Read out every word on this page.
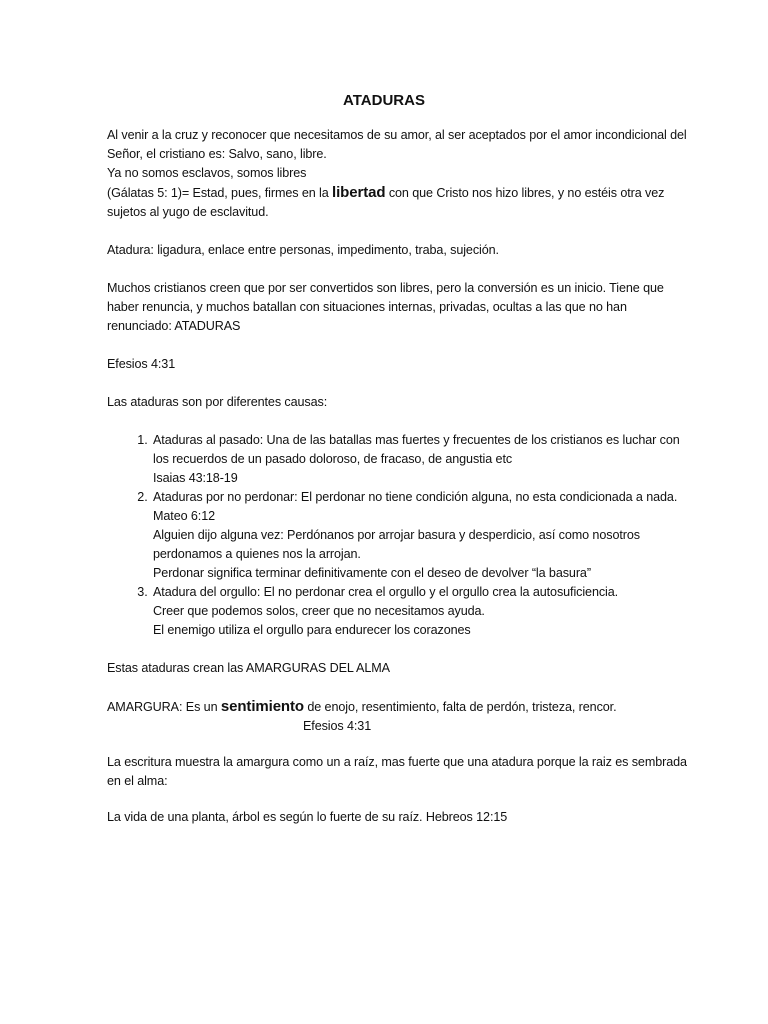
ATADURAS

Al venir a la cruz y reconocer que necesitamos de su amor, al ser aceptados por el amor incondicional del Señor, el cristiano es: Salvo, sano, libre.

Ya no somos esclavos, somos libres

(Gálatas 5: 1)= Estad, pues, firmes en la libertad con que Cristo nos hizo libres, y no estéis otra vez sujetos al yugo de esclavitud.

Atadura: ligadura, enlace entre personas, impedimento, traba, sujeción.

Muchos cristianos creen que por ser convertidos son libres, pero la conversión es un inicio. Tiene que haber renuncia, y muchos batallan con situaciones internas, privadas, ocultas a las que no han renunciado: ATADURAS

Efesios 4:31

Las ataduras son por diferentes causas:

1. Ataduras al pasado: Una de las batallas mas fuertes y frecuentes de los cristianos es luchar con los recuerdos de un pasado doloroso, de fracaso, de angustia etc
Isaias 43:18-19
2. Ataduras por no perdonar: El perdonar no tiene condición alguna, no esta condicionada a nada.
Mateo 6:12
Alguien dijo alguna vez: Perdónanos por arrojar basura y desperdicio, así como nosotros perdonamos a quienes nos la arrojan.
Perdonar significa terminar definitivamente con el deseo de devolver “la basura”
3. Atadura del orgullo: El no perdonar crea el orgullo y el orgullo crea la autosuficiencia.
Creer que podemos solos, creer que no necesitamos ayuda.
El enemigo utiliza el orgullo para endurecer los corazones

Estas ataduras crean las AMARGURAS DEL ALMA

AMARGURA: Es un sentimiento de enojo, resentimiento, falta de perdón, tristeza, rencor.
Efesios 4:31

La escritura muestra la amargura como un a raíz, mas fuerte que una atadura porque la raiz es sembrada en el alma:

La vida de una planta, árbol es según lo fuerte de su raíz. Hebreos 12:15
